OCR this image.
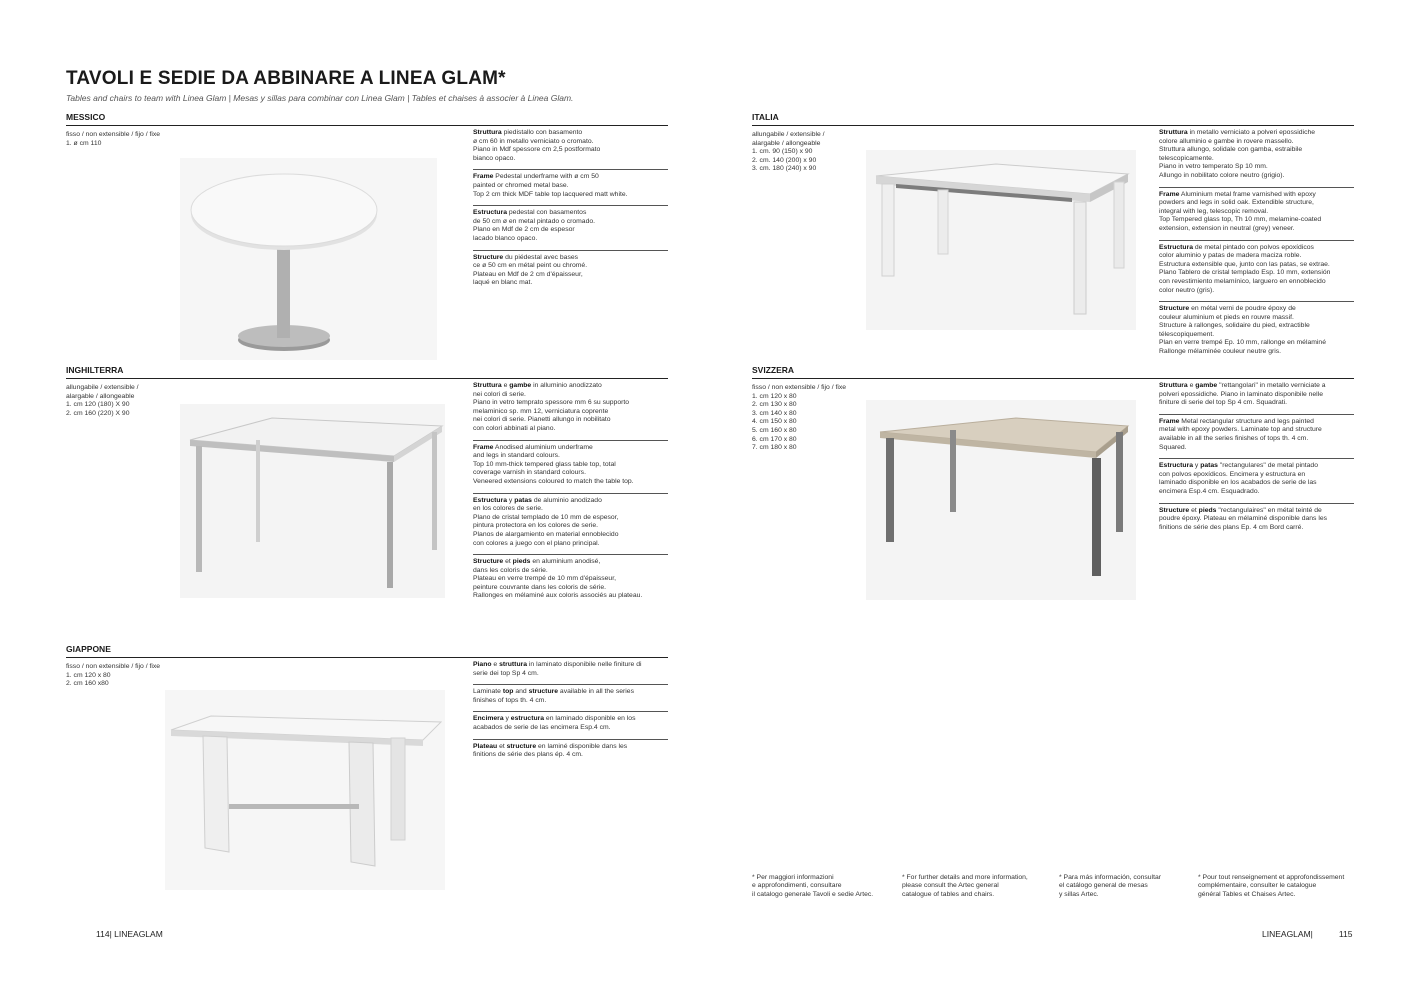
TAVOLI E SEDIE DA ABBINARE A LINEA GLAM*
Tables and chairs to team with Linea Glam | Mesas y sillas para combinar con Linea Glam | Tables et chaises à associer à Linea Glam.
MESSICO
fisso / non extensible / fijo / fixe
1. ø cm 110
Struttura piedistallo con basamento
ø cm 60 in metallo verniciato o cromato.
Piano in Mdf spessore cm 2,5 postformato
bianco opaco.
Frame Pedestal underframe with ø cm 50
painted or chromed metal base.
Top 2 cm thick MDF table top lacquered matt white.
Estructura pedestal con basamentos
de 50 cm ø en metal pintado o cromado.
Plano en Mdf de 2 cm de espesor
lacado blanco opaco.
Structure du piédestal avec bases
ce ø 50 cm en métal peint ou chromé.
Plateau en Mdf de 2 cm d'épaisseur,
laqué en blanc mat.
INGHILTERRA
allungabile / extensible /
alargable / allongeable
1. cm 120 (180) X 90
2. cm 160 (220) X 90
Struttura e gambe in alluminio anodizzato
nei colori di serie.
Piano in vetro temprato spessore mm 6 su supporto
melaminico sp. mm 12, verniciatura coprente
nei colori di serie. Pianetti allungo in nobilitato
con colori abbinati al piano.
Frame Anodised aluminium underframe
and legs in standard colours.
Top 10 mm-thick tempered glass table top, total
coverage varnish in standard colours.
Veneered extensions coloured to match the table top.
Estructura y patas de aluminio anodizado
en los colores de serie.
Plano de cristal templado de 10 mm de espesor,
pintura protectora en los colores de serie.
Planos de alargamiento en material ennoblecido
con colores a juego con el plano principal.
Structure et pieds en aluminium anodisé,
dans les coloris de série.
Plateau en verre trempé de 10 mm d'épaisseur,
peinture couvrante dans les coloris de série.
Rallonges en mélaminé aux coloris associés au plateau.
GIAPPONE
fisso / non extensible / fijo / fixe
1. cm 120 x 80
2. cm 160 x80
Piano e struttura in laminato disponibile nelle finiture di
serie dei top Sp 4 cm.
Laminate top and structure available in all the series
finishes of tops th. 4 cm.
Encimera y estructura en laminado disponible en los
acabados de serie de las encimera Esp.4 cm.
Plateau et structure en laminé disponible dans les
finitions de série des plans ép. 4 cm.
ITALIA
allungabile / extensible /
alargable / allongeable
1. cm. 90 (150) x 90
2. cm. 140 (200) x 90
3. cm. 180 (240) x 90
Struttura in metallo verniciato a polveri epossidiche
colore alluminio e gambe in rovere massello.
Struttura allungo, solidale con gamba, estraibile
telescopicamente.
Piano in vetro temperato Sp 10 mm.
Allungo in nobilitato colore neutro (grigio).
Frame Aluminium metal frame varnished with epoxy
powders and legs in solid oak. Extendible structure,
integral with leg, telescopic removal.
Top Tempered glass top, Th 10 mm, melamine-coated
extension, extension in neutral (grey) veneer.
Estructura de metal pintado con polvos epoxídicos
color aluminio y patas de madera maciza roble.
Estructura extensible que, junto con las patas, se extrae.
Plano Tablero de cristal templado Esp. 10 mm, extensión
con revestimiento melamínico, larguero en ennoblecido
color neutro (gris).
Structure en métal verni de poudre époxy de
couleur aluminium et pieds en rouvre massif.
Structure à rallonges, solidaire du pied, extractible
télescopiquement.
Plan en verre trempé Ep. 10 mm, rallonge en mélaminé
Rallonge mélaminée couleur neutre gris.
SVIZZERA
fisso / non extensible / fijo / fixe
1. cm 120 x 80
2. cm 130 x 80
3. cm 140 x 80
4. cm 150 x 80
5. cm 160 x 80
6. cm 170 x 80
7. cm 180 x 80
Struttura e gambe "rettangolari" in metallo verniciate a
polveri epossidiche. Piano in laminato disponibile nelle
finiture di serie del top Sp 4 cm. Squadrati.
Frame Metal rectangular structure and legs painted
metal with epoxy powders. Laminate top and structure
available in all the series finishes of tops th. 4 cm.
Squared.
Estructura y patas "rectangulares" de metal pintado
con polvos epoxídicos. Encimera y estructura en
laminado disponible en los acabados de serie de las
encimera Esp.4 cm. Esquadrado.
Structure et pieds "rectangulaires" en métal teinté de
poudre époxy. Plateau en mélaminé disponible dans les
finitions de série des plans Ep. 4 cm Bord carré.
* Per maggiori informazioni
e approfondimenti, consultare
il catalogo generale Tavoli e sedie Artec.
* For further details and more information,
please consult the Artec general
catalogue of tables and chairs.
* Para más información, consultar
el catálogo general de mesas
y sillas Artec.
* Pour tout renseignement et approfondissement
complémentaire, consulter le catalogue
général Tables et Chaises Artec.
114| LINEAGLAM	LINEAGLAM|	115
